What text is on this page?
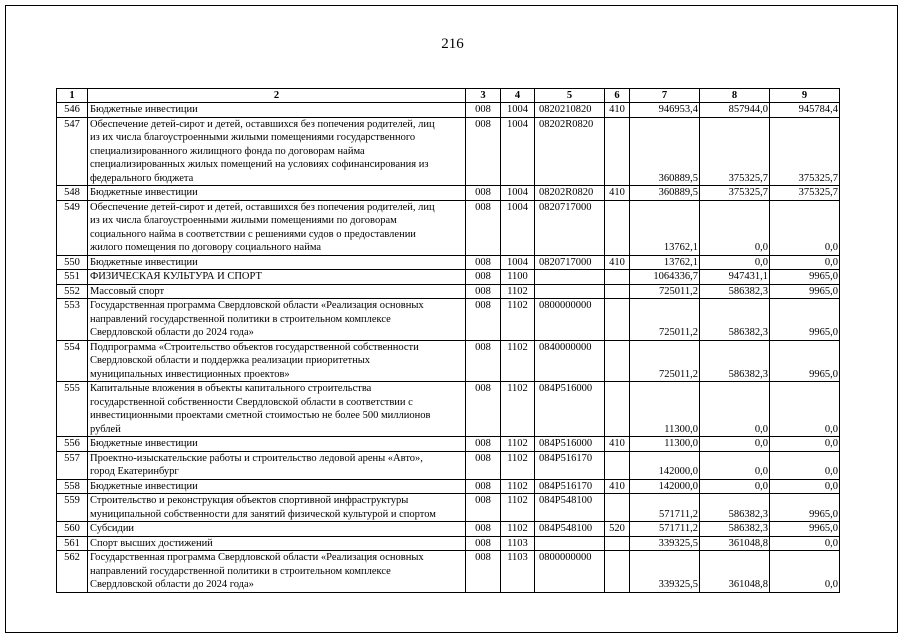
216
1	2	3	4	5	6	7	8	9
546	Бюджетные инвестиции	008	1004	0820210820	410	946953,4	857944,0	945784,4
547	Обеспечение детей-сирот и детей, оставшихся без попечения родителей, лиц
из их числа благоустроенными жилыми помещениями государственного
специализированного жилищного фонда по договорам найма
специализированных жилых помещений на условиях софинансирования из
федерального бюджета	008	1004	08202R0820		360889,5	375325,7	375325,7
548	Бюджетные инвестиции	008	1004	08202R0820	410	360889,5	375325,7	375325,7
549	Обеспечение детей-сирот и детей, оставшихся без попечения родителей, лиц
из их числа благоустроенными жилыми помещениями по договорам
социального найма в соответствии с решениями судов о предоставлении
жилого помещения по договору социального найма	008	1004	0820717000		13762,1	0,0	0,0
550	Бюджетные инвестиции	008	1004	0820717000	410	13762,1	0,0	0,0
551	ФИЗИЧЕСКАЯ КУЛЬТУРА И СПОРТ	008	1100			1064336,7	947431,1	9965,0
552	Массовый спорт	008	1102			725011,2	586382,3	9965,0
553	Государственная программа Свердловской области «Реализация основных
направлений государственной политики в строительном комплексе
Свердловской области до 2024 года»	008	1102	0800000000		725011,2	586382,3	9965,0
554	Подпрограмма «Строительство объектов государственной собственности
Свердловской области и поддержка реализации приоритетных
муниципальных инвестиционных проектов»	008	1102	0840000000		725011,2	586382,3	9965,0
555	Капитальные вложения в объекты капитального строительства
государственной собственности Свердловской области в соответствии с
инвестиционными проектами сметной стоимостью не более 500 миллионов
рублей	008	1102	084P516000		11300,0	0,0	0,0
556	Бюджетные инвестиции	008	1102	084P516000	410	11300,0	0,0	0,0
557	Проектно-изыскательские работы и строительство ледовой арены «Авто»,
город Екатеринбург	008	1102	084P516170		142000,0	0,0	0,0
558	Бюджетные инвестиции	008	1102	084P516170	410	142000,0	0,0	0,0
559	Строительство и реконструкция объектов спортивной инфраструктуры
муниципальной собственности для занятий физической культурой и спортом	008	1102	084P548100		571711,2	586382,3	9965,0
560	Субсидии	008	1102	084P548100	520	571711,2	586382,3	9965,0
561	Спорт высших достижений	008	1103			339325,5	361048,8	0,0
562	Государственная программа Свердловской области «Реализация основных
направлений государственной политики в строительном комплексе
Свердловской области до 2024 года»	008	1103	0800000000		339325,5	361048,8	0,0
